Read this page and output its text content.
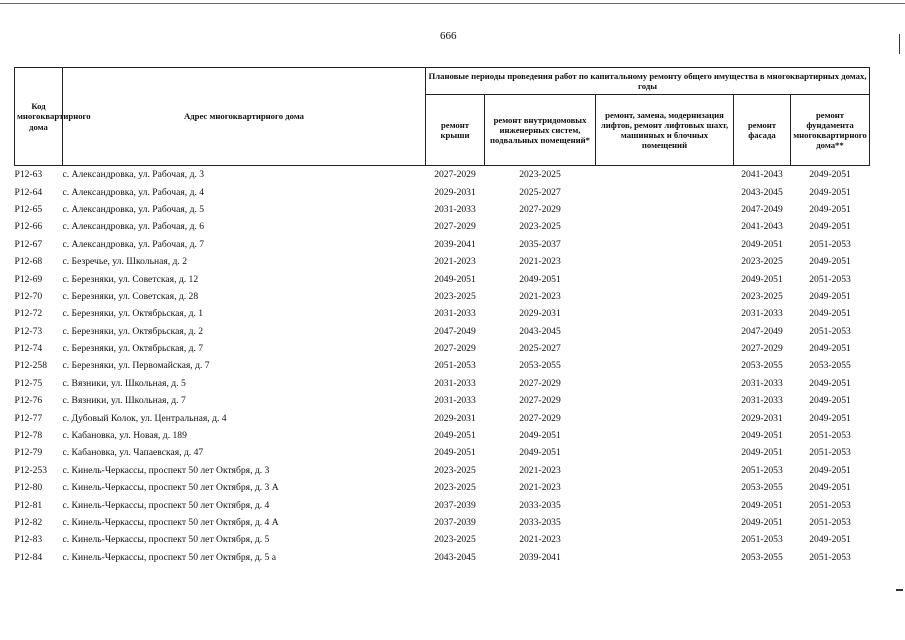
666
Код многоквартирного дома	Адрес многоквартирного дома	Плановые периоды проведения работ по капитальному ремонту общего имущества в многоквартирных домах, годы				
		ремонт крыши	ремонт внутридомовых инженерных систем, подвальных помещений*	ремонт, замена, модернизация лифтов, ремонт лифтовых шахт, машинных и блочных помещений	ремонт фасада	ремонт фундамента многоквартирного дома**
P12-63	с. Александровка, ул. Рабочая, д. 3	2027-2029	2023-2025		2041-2043	2049-2051
P12-64	с. Александровка, ул. Рабочая, д. 4	2029-2031	2025-2027		2043-2045	2049-2051
P12-65	с. Александровка, ул. Рабочая, д. 5	2031-2033	2027-2029		2047-2049	2049-2051
P12-66	с. Александровка, ул. Рабочая, д. 6	2027-2029	2023-2025		2041-2043	2049-2051
P12-67	с. Александровка, ул. Рабочая, д. 7	2039-2041	2035-2037		2049-2051	2051-2053
P12-68	с. Безречье, ул. Школьная, д. 2	2021-2023	2021-2023		2023-2025	2049-2051
P12-69	с. Березняки, ул. Советская, д. 12	2049-2051	2049-2051		2049-2051	2051-2053
P12-70	с. Березняки, ул. Советская, д. 28	2023-2025	2021-2023		2023-2025	2049-2051
P12-72	с. Березняки, ул. Октябрьская, д. 1	2031-2033	2029-2031		2031-2033	2049-2051
P12-73	с. Березняки, ул. Октябрьская, д. 2	2047-2049	2043-2045		2047-2049	2051-2053
P12-74	с. Березняки, ул. Октябрьская, д. 7	2027-2029	2025-2027		2027-2029	2049-2051
P12-258	с. Березняки, ул. Первомайская, д. 7	2051-2053	2053-2055		2053-2055	2053-2055
P12-75	с. Вязники, ул. Школьная, д. 5	2031-2033	2027-2029		2031-2033	2049-2051
P12-76	с. Вязники, ул. Школьная, д. 7	2031-2033	2027-2029		2031-2033	2049-2051
P12-77	с. Дубовый Колок, ул. Центральная, д. 4	2029-2031	2027-2029		2029-2031	2049-2051
P12-78	с. Кабановка, ул. Новая, д. 189	2049-2051	2049-2051		2049-2051	2051-2053
P12-79	с. Кабановка, ул. Чапаевская, д. 47	2049-2051	2049-2051		2049-2051	2051-2053
P12-253	с. Кинель-Черкассы, проспект 50 лет Октября, д. 3	2023-2025	2021-2023		2051-2053	2049-2051
P12-80	с. Кинель-Черкассы, проспект 50 лет Октября, д. 3 А	2023-2025	2021-2023		2053-2055	2049-2051
P12-81	с. Кинель-Черкассы, проспект 50 лет Октября, д. 4	2037-2039	2033-2035		2049-2051	2051-2053
P12-82	с. Кинель-Черкассы, проспект 50 лет Октября, д. 4 А	2037-2039	2033-2035		2049-2051	2051-2053
P12-83	с. Кинель-Черкассы, проспект 50 лет Октября, д. 5	2023-2025	2021-2023		2051-2053	2049-2051
P12-84	с. Кинель-Черкассы, проспект 50 лет Октября, д. 5 а	2043-2045	2039-2041		2053-2055	2051-2053
